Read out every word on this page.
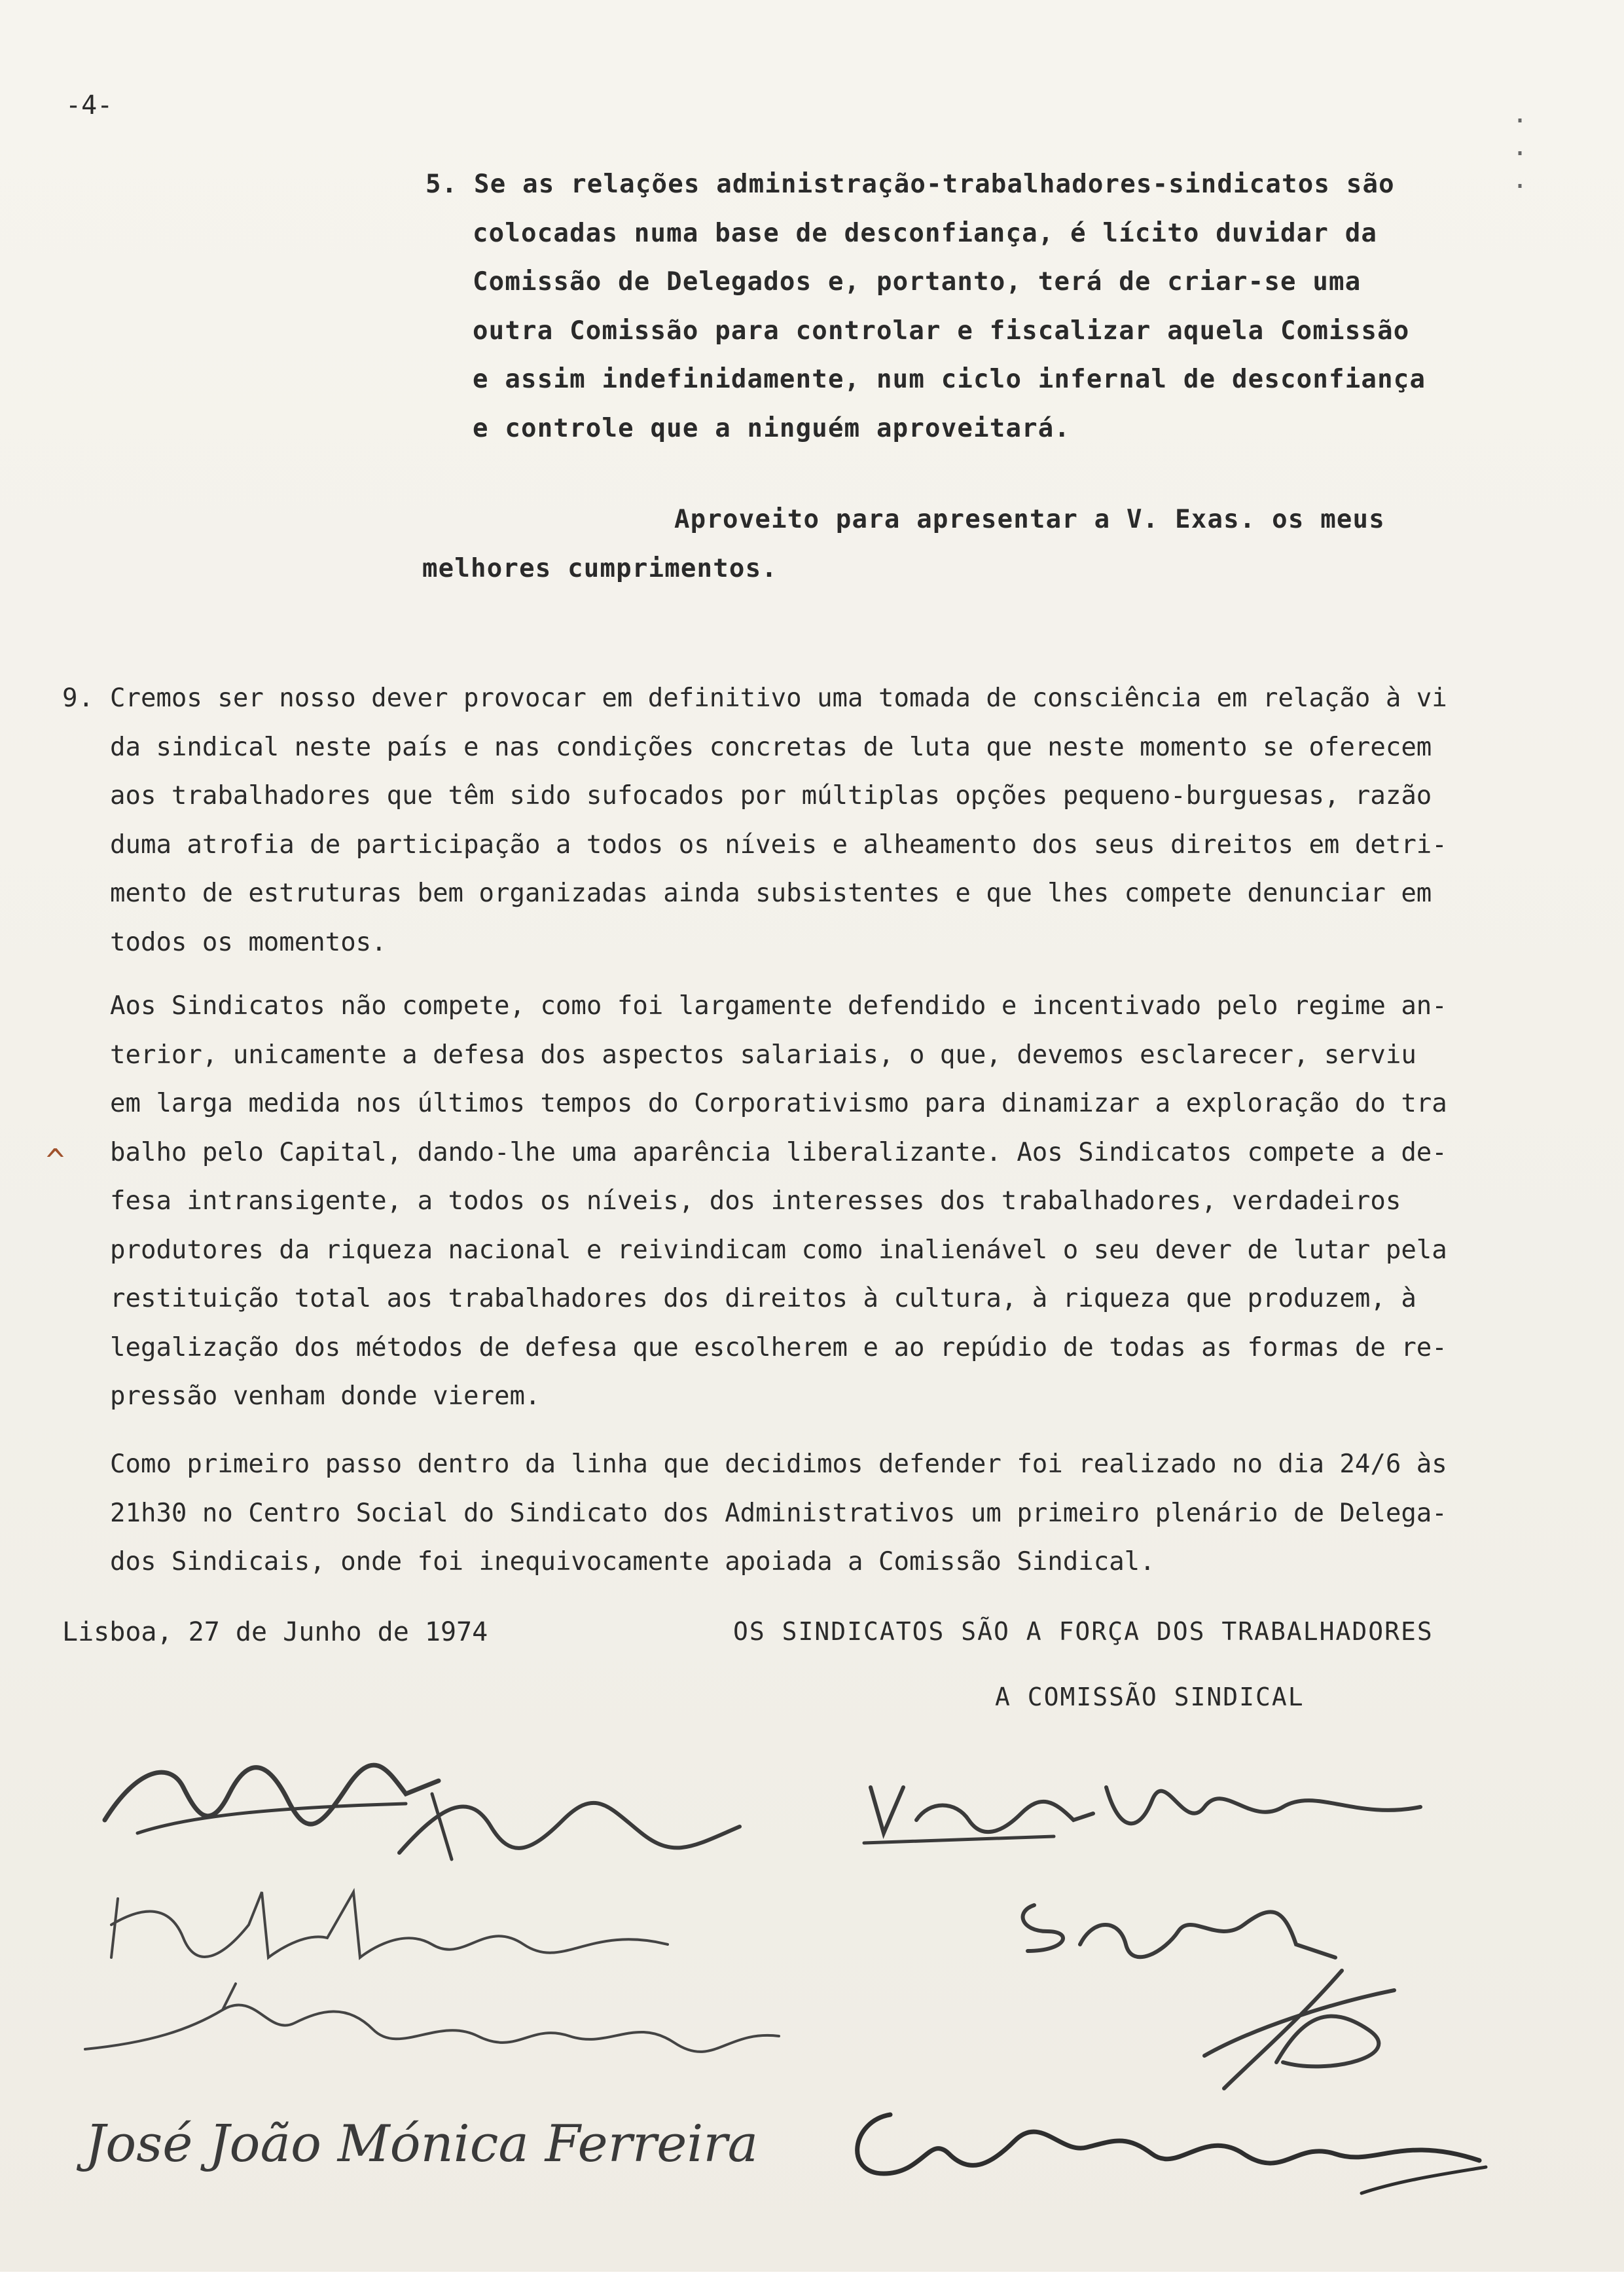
-4-
· · ·
5. Se as relações administração-trabalhadores-sindicatos são
colocadas numa base de desconfiança, é lícito duvidar da
Comissão de Delegados e, portanto, terá de criar-se uma
outra Comissão para controlar e fiscalizar aquela Comissão
e assim indefinidamente, num ciclo infernal de desconfiança
e controle que a ninguém aproveitará.
Aproveito para apresentar a V. Exas. os meus
melhores cumprimentos.
9. Cremos ser nosso dever provocar em definitivo uma tomada de consciência em relação à vi
da sindical neste país e nas condições concretas de luta que neste momento se oferecem
aos trabalhadores que têm sido sufocados por múltiplas opções pequeno-burguesas, razão
duma atrofia de participação a todos os níveis e alheamento dos seus direitos em detri-
mento de estruturas bem organizadas ainda subsistentes e que lhes compete denunciar em
todos os momentos.
Aos Sindicatos não compete, como foi largamente defendido e incentivado pelo regime an-
terior, unicamente a defesa dos aspectos salariais, o que, devemos esclarecer, serviu
em larga medida nos últimos tempos do Corporativismo para dinamizar a exploração do tra
balho pelo Capital, dando-lhe uma aparência liberalizante. Aos Sindicatos compete a de-
fesa intransigente, a todos os níveis, dos interesses dos trabalhadores, verdadeiros
produtores da riqueza nacional e reivindicam como inalienável o seu dever de lutar pela
restituição total aos trabalhadores dos direitos à cultura, à riqueza que produzem, à
legalização dos métodos de defesa que escolherem e ao repúdio de todas as formas de re-
pressão venham donde vierem.
^
Como primeiro passo dentro da linha que decidimos defender foi realizado no dia 24/6 às
21h30 no Centro Social do Sindicato dos Administrativos um primeiro plenário de Delega-
dos Sindicais, onde foi inequivocamente apoiada a Comissão Sindical.
Lisboa, 27 de Junho de 1974	OS SINDICATOS SÃO A FORÇA DOS TRABALHADORES
A COMISSÃO SINDICAL
José João Mónica Ferreira
